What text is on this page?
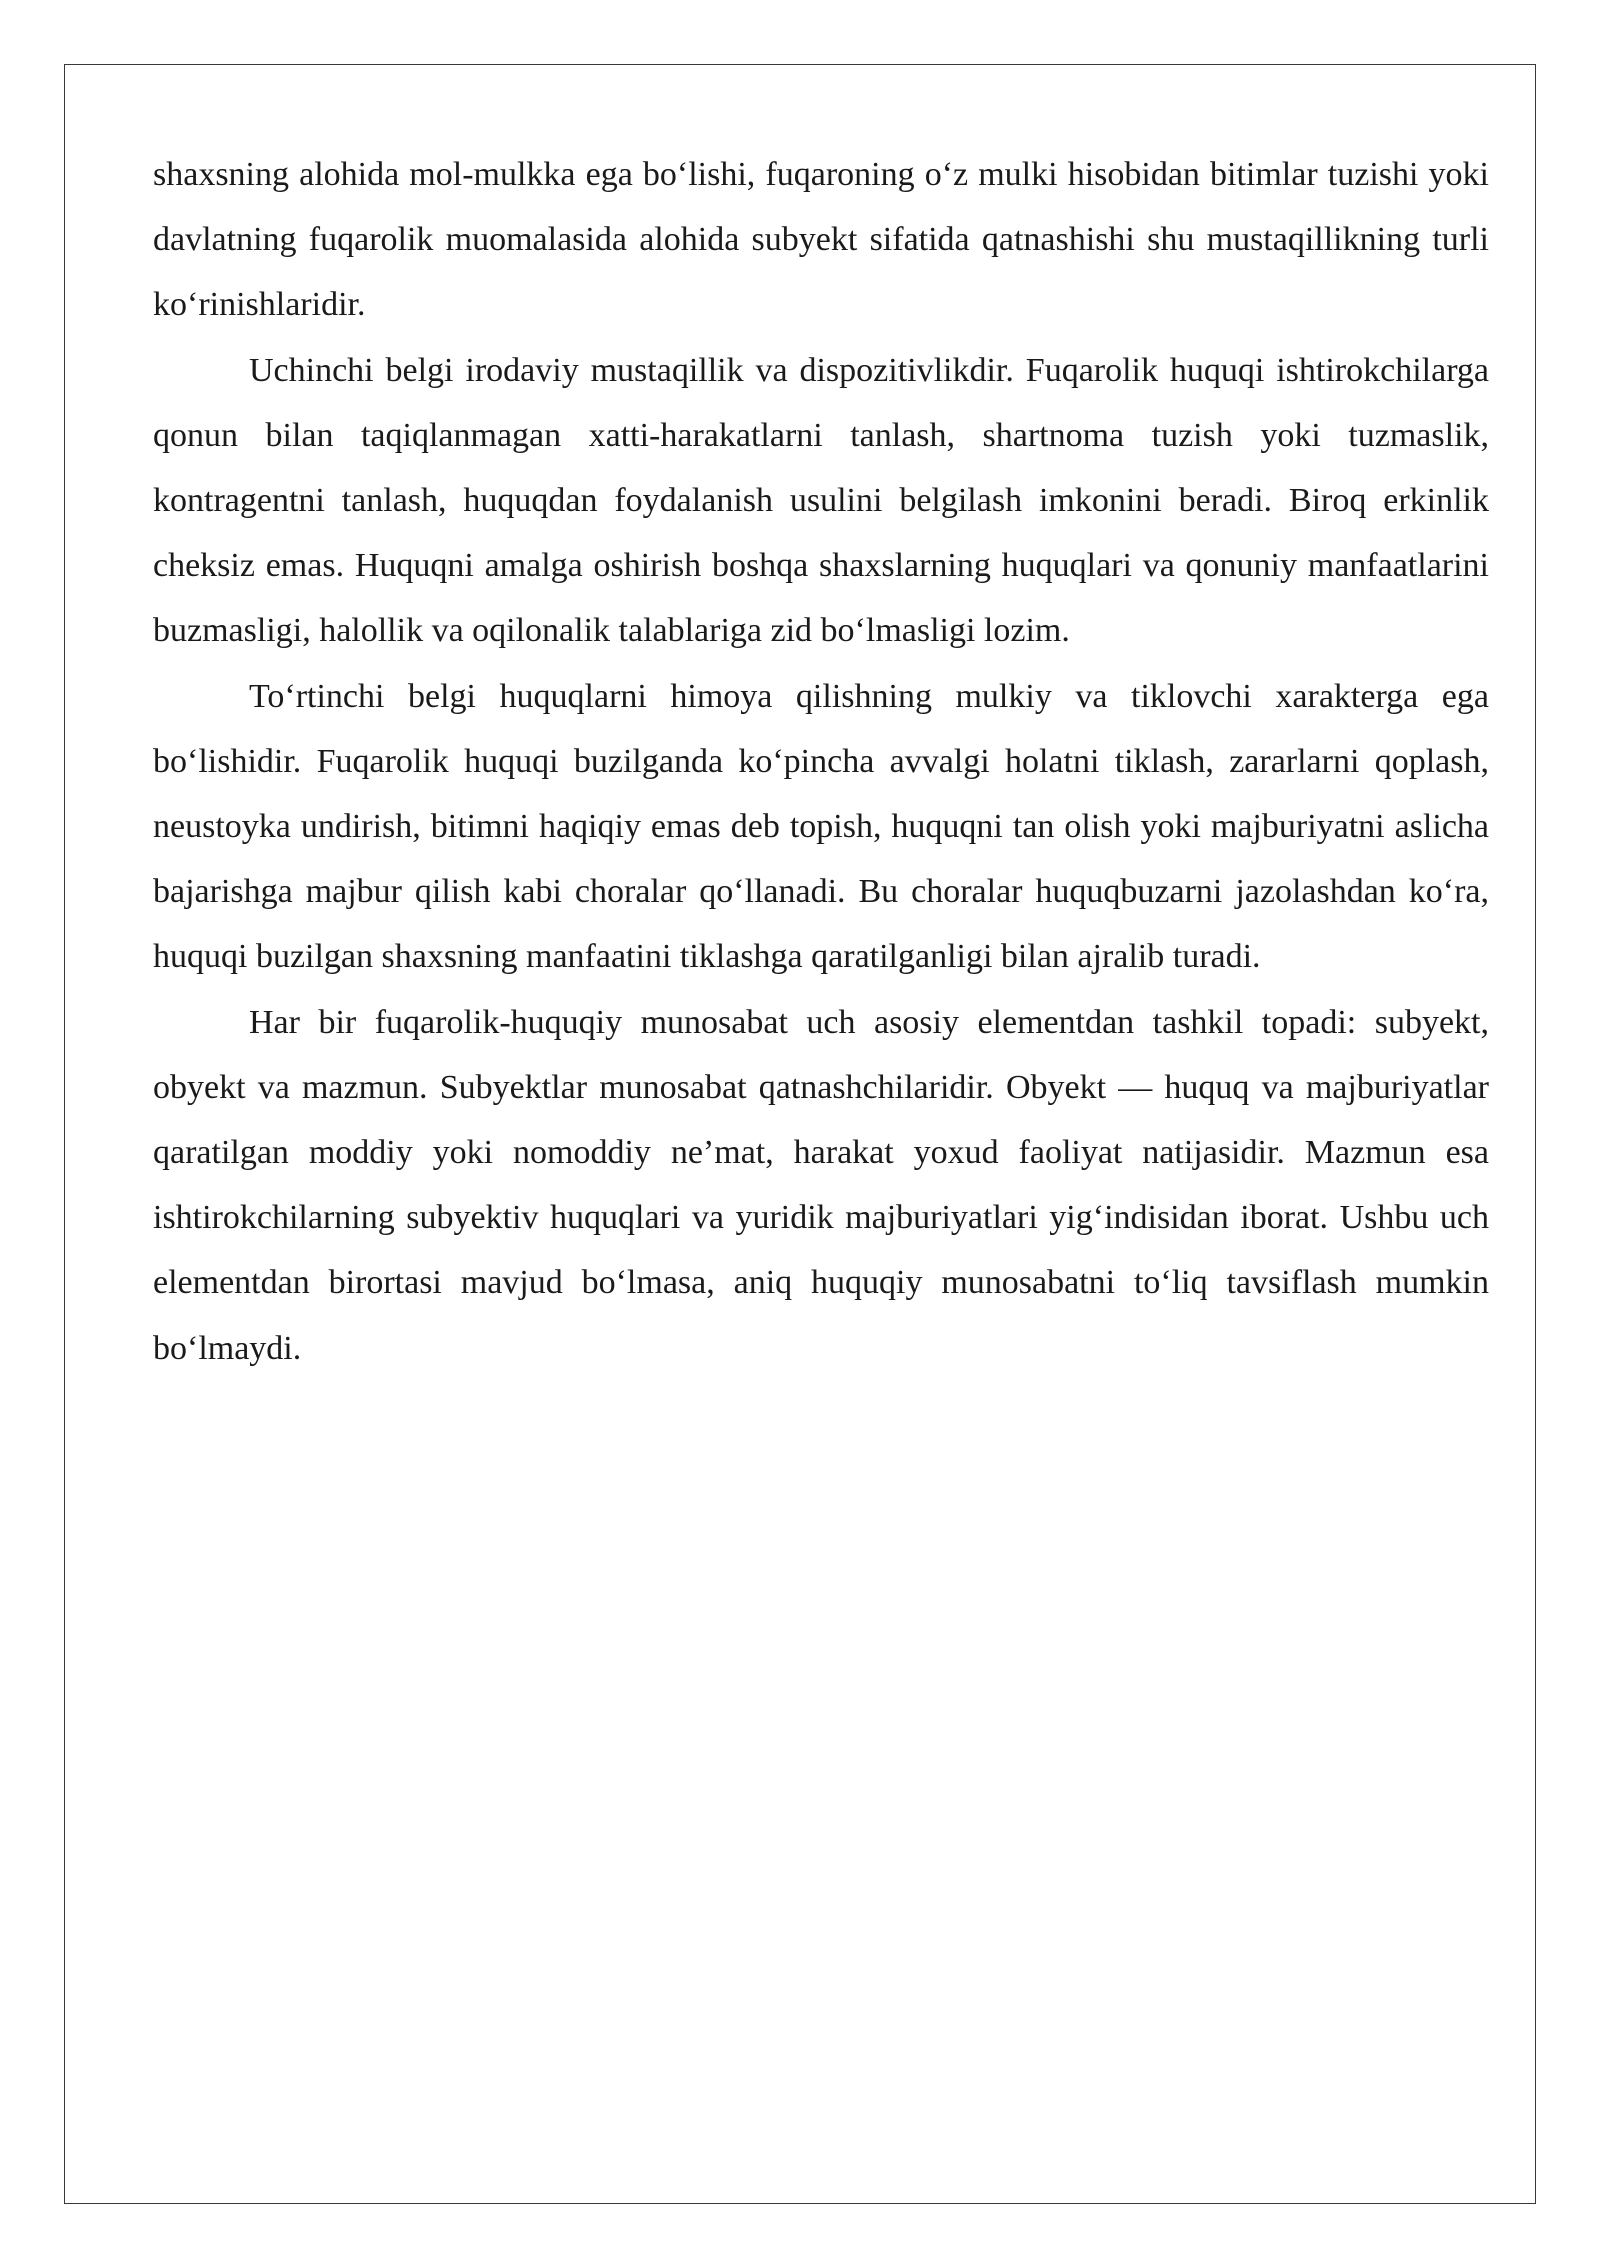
shaxsning alohida mol-mulkka ega bo‘lishi, fuqaroning o‘z mulki hisobidan bitimlar tuzishi yoki davlatning fuqarolik muomalasida alohida subyekt sifatida qatnashishi shu mustaqillikning turli ko‘rinishlaridir.

Uchinchi belgi irodaviy mustaqillik va dispozitivlikdir. Fuqarolik huquqi ishtirokchilarga qonun bilan taqiqlanmagan xatti-harakatlarni tanlash, shartnoma tuzish yoki tuzmaslik, kontragentni tanlash, huquqdan foydalanish usulini belgilash imkonini beradi. Biroq erkinlik cheksiz emas. Huquqni amalga oshirish boshqa shaxslarning huquqlari va qonuniy manfaatlarini buzmasligi, halollik va oqilonalik talablariga zid bo‘lmasligi lozim.

To‘rtinchi belgi huquqlarni himoya qilishning mulkiy va tiklovchi xarakterga ega bo‘lishidir. Fuqarolik huquqi buzilganda ko‘pincha avvalgi holatni tiklash, zararlarni qoplash, neustoyka undirish, bitimni haqiqiy emas deb topish, huquqni tan olish yoki majburiyatni aslicha bajarishga majbur qilish kabi choralar qo‘llanadi. Bu choralar huquqbuzarni jazolashdan ko‘ra, huquqi buzilgan shaxsning manfaatini tiklashga qaratilganligi bilan ajralib turadi.

Har bir fuqarolik-huquqiy munosabat uch asosiy elementdan tashkil topadi: subyekt, obyekt va mazmun. Subyektlar munosabat qatnashchilaridir. Obyekt — huquq va majburiyatlar qaratilgan moddiy yoki nomoddiy ne’mat, harakat yoxud faoliyat natijasidir. Mazmun esa ishtirokchilarning subyektiv huquqlari va yuridik majburiyatlari yig‘indisidan iborat. Ushbu uch elementdan birortasi mavjud bo‘lmasa, aniq huquqiy munosabatni to‘liq tavsiflash mumkin bo‘lmaydi.
